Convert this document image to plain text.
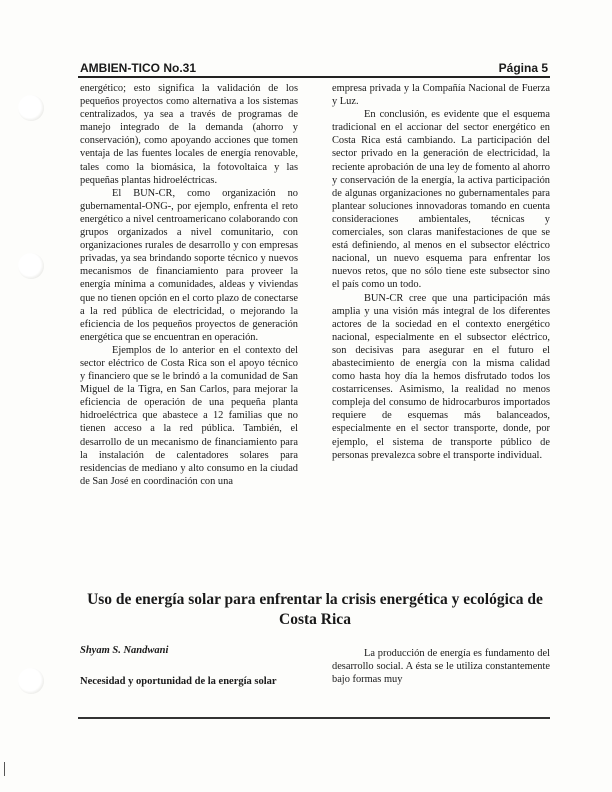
AMBIEN-TICO No.31	Página 5

energético; esto significa la validación de los pequeños proyectos como alternativa a los sistemas centralizados, ya sea a través de programas de manejo integrado de la demanda (ahorro y conservación), como apoyando acciones que tomen ventaja de las fuentes locales de energía renovable, tales como la biomásica, la fotovoltaica y las pequeñas plantas hidroeléctricas.

El BUN-CR, como organización no gubernamental-ONG-, por ejemplo, enfrenta el reto energético a nivel centroamericano colaborando con grupos organizados a nivel comunitario, con organizaciones rurales de desarrollo y con empresas privadas, ya sea brindando soporte técnico y nuevos mecanismos de financiamiento para proveer la energía mínima a comunidades, aldeas y viviendas que no tienen opción en el corto plazo de conectarse a la red pública de electricidad, o mejorando la eficiencia de los pequeños proyectos de generación energética que se encuentran en operación.

Ejemplos de lo anterior en el contexto del sector eléctrico de Costa Rica son el apoyo técnico y financiero que se le brindó a la comunidad de San Miguel de la Tigra, en San Carlos, para mejorar la eficiencia de operación de una pequeña planta hidroeléctrica que abastece a 12 familias que no tienen acceso a la red pública. También, el desarrollo de un mecanismo de financiamiento para la instalación de calentadores solares para residencias de mediano y alto consumo en la ciudad de San José en coordinación con una

empresa privada y la Compañía Nacional de Fuerza y Luz.

En conclusión, es evidente que el esquema tradicional en el accionar del sector energético en Costa Rica está cambiando. La participación del sector privado en la generación de electricidad, la reciente aprobación de una ley de fomento al ahorro y conservación de la energía, la activa participación de algunas organizaciones no gubernamentales para plantear soluciones innovadoras tomando en cuenta consideraciones ambientales, técnicas y comerciales, son claras manifestaciones de que se está definiendo, al menos en el subsector eléctrico nacional, un nuevo esquema para enfrentar los nuevos retos, que no sólo tiene este subsector sino el país como un todo.

BUN-CR cree que una participación más amplia y una visión más integral de los diferentes actores de la sociedad en el contexto energético nacional, especialmente en el subsector eléctrico, son decisivas para asegurar en el futuro el abastecimiento de energía con la misma calidad como hasta hoy día la hemos disfrutado todos los costarricenses. Asimismo, la realidad no menos compleja del consumo de hidrocarburos importados requiere de esquemas más balanceados, especialmente en el sector transporte, donde, por ejemplo, el sistema de transporte público de personas prevalezca sobre el transporte individual.

Uso de energía solar para enfrentar la crisis energética y ecológica de Costa Rica
Shyam S. Nandwani
Necesidad y oportunidad de la energía solar
La producción de energía es fundamento del desarrollo social. A ésta se le utiliza constantemente bajo formas muy
